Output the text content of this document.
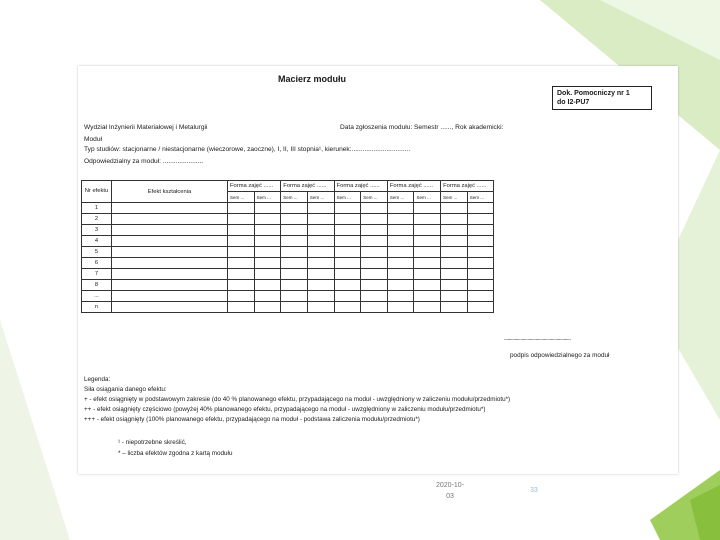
Macierz modułu
Dok. Pomocniczy nr 1
do I2-PU7
Wydział Inżynierii Materiałowej i Metalurgii	Data zgłoszenia modułu: Semestr ......, Rok akademicki:
Moduł
Typ studiów: stacjonarne / niestacjonarne (wieczorowe, zaoczne), I, II, III stopnia¹, kierunek:................................
Odpowiedzialny za moduł: ......................
Nr efektu	Efekt kształcenia	Forma zajęć ......		Forma zajęć ......		Forma zajęć ......		Forma zajęć ......		Forma zajęć ......	
		Sem ...	Sem ...	Sem ...	Sem ...	Sem ...	Sem ...	Sem ...	Sem ...	Sem ...	Sem ...
1											
2											
3											
4											
5											
6											
7											
8											
...											
n											
.........................................................
podpis odpowiedzialnego za moduł
Legenda:
Siła osiągania danego efektu:
+ - efekt osiągnięty w podstawowym zakresie (do 40 % planowanego efektu, przypadającego na moduł - uwzględniony w zaliczeniu modułu/przedmiotu*)
++ - efekt osiągnięty częściowo (powyżej 40% planowanego efektu, przypadającego na moduł - uwzględniony w zaliczeniu modułu/przedmiotu*)
+++ - efekt osiągnięty (100% planowanego efektu, przypadającego na moduł - podstawa zaliczenia modułu/przedmiotu*)
¹ - niepotrzebne skreślić,
* – liczba efektów zgodna z kartą modułu
2020-10-
03
33
